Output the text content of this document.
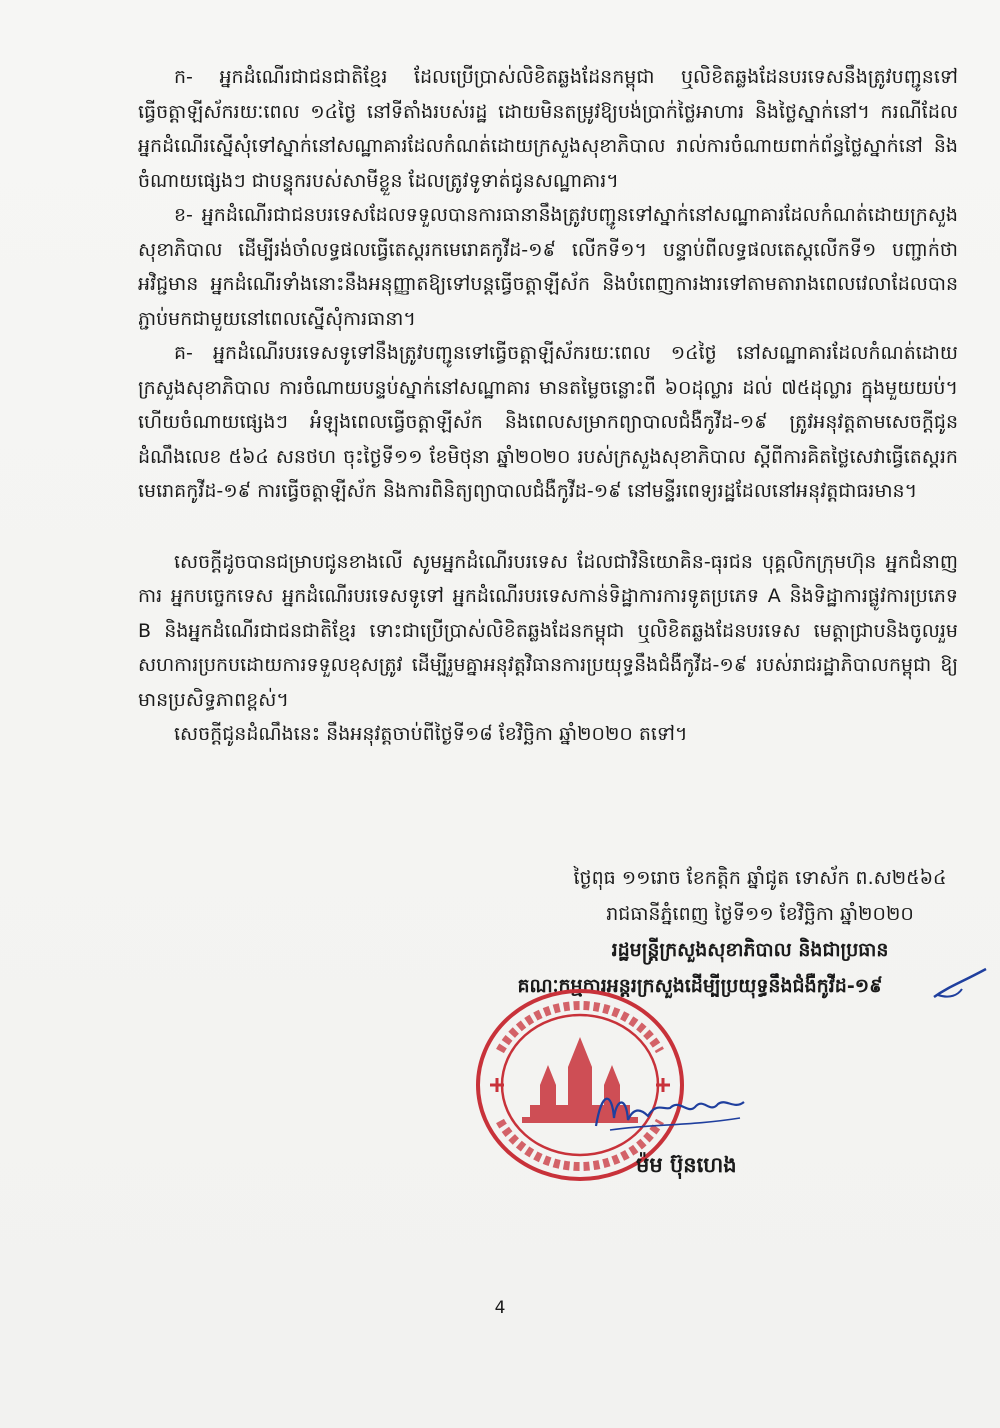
ក- អ្នកដំណើរជាជនជាតិខ្មែរ ដែលប្រើប្រាស់លិខិតឆ្លងដែនកម្ពុជា ឬលិខិតឆ្លងដែនបរទេសនឹងត្រូវបញ្ជូនទៅធ្វើចត្តាឡីស័ករយៈពេល ១៤ថ្ងៃ នៅទីតាំងរបស់រដ្ឋ ដោយមិនតម្រូវឱ្យបង់ប្រាក់ថ្លៃអាហារ និងថ្លៃស្នាក់នៅ។ ករណីដែលអ្នកដំណើរស្នើសុំទៅស្នាក់នៅសណ្ឋាគារដែលកំណត់ដោយក្រសួងសុខាភិបាល រាល់ការចំណាយពាក់ព័ន្ធថ្លៃស្នាក់នៅ និងចំណាយផ្សេងៗ ជាបន្ទុករបស់សាមីខ្លួន ដែលត្រូវទូទាត់ជូនសណ្ឋាគារ។

ខ- អ្នកដំណើរជាជនបរទេសដែលទទួលបានការធានានឹងត្រូវបញ្ជូនទៅស្នាក់នៅសណ្ឋាគារដែលកំណត់ដោយក្រសួងសុខាភិបាល ដើម្បីរង់ចាំលទ្ធផលធ្វើតេស្តរកមេរោគកូវីដ-១៩ លើកទី១។ បន្ទាប់ពីលទ្ធផលតេស្តលើកទី១ បញ្ជាក់ថាអវិជ្ជមាន អ្នកដំណើរទាំងនោះនឹងអនុញ្ញាតឱ្យទៅបន្តធ្វើចត្តាឡីស័ក និងបំពេញការងារទៅតាមតារាងពេលវេលាដែលបានភ្ជាប់មកជាមួយនៅពេលស្នើសុំការធានា។

គ- អ្នកដំណើរបរទេសទូទៅនឹងត្រូវបញ្ជូនទៅធ្វើចត្តាឡីស័ករយៈពេល ១៤ថ្ងៃ នៅសណ្ឋាគារដែលកំណត់ដោយក្រសួងសុខាភិបាល ការចំណាយបន្ទប់ស្នាក់នៅសណ្ឋាគារ មានតម្លៃចន្លោះពី ៦០ដុល្លារ ដល់ ៧៥ដុល្លារ ក្នុងមួយយប់។ ហើយចំណាយផ្សេងៗ អំឡុងពេលធ្វើចត្តាឡីស័ក និងពេលសម្រាកព្យាបាលជំងឺកូវីដ-១៩ ត្រូវអនុវត្តតាមសេចក្តីជូនដំណឹងលេខ ៥៦៤ សនថហ ចុះថ្ងៃទី១១ ខែមិថុនា ឆ្នាំ២០២០ របស់ក្រសួងសុខាភិបាល ស្តីពីការគិតថ្លៃសេវាធ្វើតេស្តរកមេរោគកូវីដ-១៩ ការធ្វើចត្តាឡីស័ក និងការពិនិត្យព្យាបាលជំងឺកូវីដ-១៩ នៅមន្ទីរពេទ្យរដ្ឋដែលនៅអនុវត្តជាធរមាន។

សេចក្តីដូចបានជម្រាបជូនខាងលើ សូមអ្នកដំណើរបរទេស ដែលជាវិនិយោគិន-ធុរជន បុគ្គលិកក្រុមហ៊ុន អ្នកជំនាញការ អ្នកបច្ចេកទេស អ្នកដំណើរបរទេសទូទៅ អ្នកដំណើរបរទេសកាន់ទិដ្ឋាការការទូតប្រភេទ A និងទិដ្ឋាការផ្លូវការប្រភេទ B និងអ្នកដំណើរជាជនជាតិខ្មែរ ទោះជាប្រើប្រាស់លិខិតឆ្លងដែនកម្ពុជា ឬលិខិតឆ្លងដែនបរទេស មេត្តាជ្រាបនិងចូលរួមសហការប្រកបដោយការទទួលខុសត្រូវ ដើម្បីរួមគ្នាអនុវត្តវិធានការប្រយុទ្ធនឹងជំងឺកូវីដ-១៩ របស់រាជរដ្ឋាភិបាលកម្ពុជា ឱ្យមានប្រសិទ្ធភាពខ្ពស់។

សេចក្តីជូនដំណឹងនេះ នឹងអនុវត្តចាប់ពីថ្ងៃទី១៨ ខែវិច្ឆិកា ឆ្នាំ២០២០ តទៅ។

ថ្ងៃពុធ ១១រោច ខែកត្តិក ឆ្នាំជូត ទោស័ក ព.ស២៥៦៤
រាជធានីភ្នំពេញ ថ្ងៃទី១១ ខែវិច្ឆិកា ឆ្នាំ២០២០
រដ្ឋមន្ត្រីក្រសួងសុខាភិបាល និងជាប្រធាន
គណៈកម្មការអន្តរក្រសួងដើម្បីប្រយុទ្ធនឹងជំងឺកូវីដ-១៩
ម៉ម ប៊ុនហេង
4
